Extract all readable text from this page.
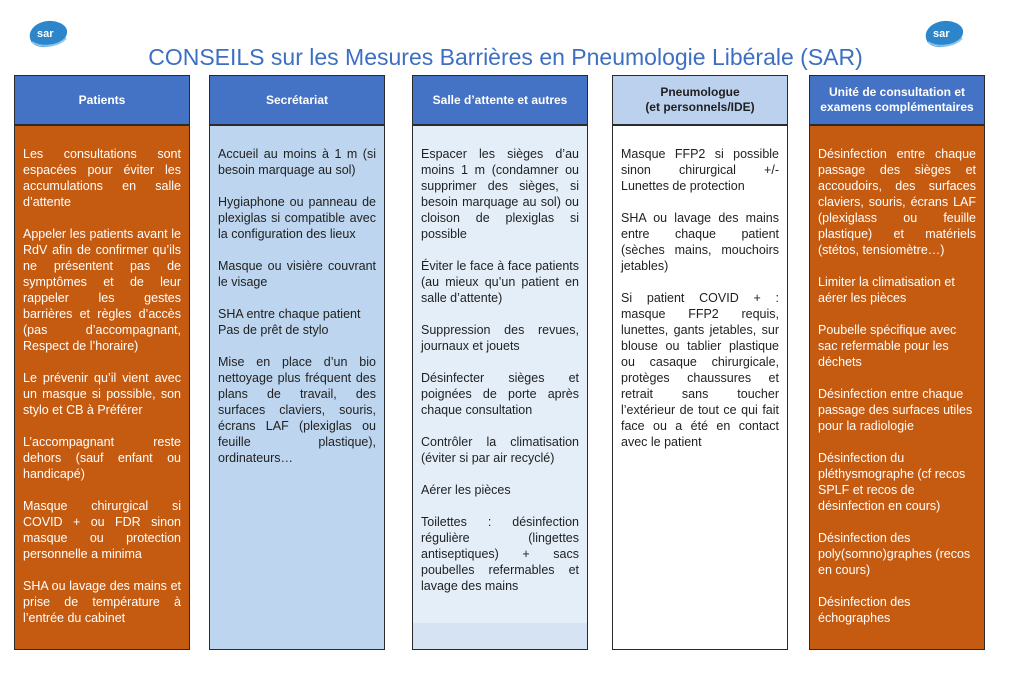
sar	sar
CONSEILS sur les Mesures Barrières en Pneumologie Libérale (SAR)
Patients

Les consultations sont espacées pour éviter les accumulations en salle d’attente

Appeler les patients avant le RdV afin de confirmer qu’ils ne présentent pas de symptômes et de leur rappeler les gestes barrières et règles d’accès (pas d’accompagnant, Respect de l’horaire)

Le prévenir qu’il vient avec un masque si possible, son stylo et CB à Préférer

L’accompagnant reste dehors (sauf enfant ou handicapé)

Masque chirurgical si COVID + ou FDR sinon masque ou protection personnelle a minima

SHA ou lavage des mains et prise de température à l’entrée du cabinet

Secrétariat

Accueil au moins à 1 m (si besoin marquage au sol)

Hygiaphone ou panneau de plexiglas si compatible avec la configuration des lieux

Masque ou visière couvrant le visage

SHA entre chaque patient Pas de prêt de stylo

Mise en place d’un bio nettoyage plus fréquent des plans de travail, des surfaces claviers, souris, écrans LAF (plexiglas ou feuille plastique), ordinateurs…

Salle d’attente et autres

Espacer les sièges d’au moins 1 m (condamner ou supprimer des sièges, si besoin marquage au sol) ou cloison de plexiglas si possible

Éviter le face à face patients (au mieux qu’un patient en salle d’attente)

Suppression des revues, journaux et jouets

Désinfecter sièges et poignées de porte après chaque consultation

Contrôler la climatisation (éviter si par air recyclé)

Aérer les pièces

Toilettes : désinfection régulière (lingettes antiseptiques) + sacs poubelles refermables et lavage des mains

Pneumologue
(et personnels/IDE)

Masque FFP2 si possible sinon chirurgical +/- Lunettes de protection

SHA ou lavage des mains entre chaque patient (sèches mains, mouchoirs jetables)

Si patient COVID + : masque FFP2 requis, lunettes, gants jetables, sur blouse ou tablier plastique ou casaque chirurgicale, protèges chaussures et retrait sans toucher l’extérieur de tout ce qui fait face ou a été en contact avec le patient

Unité de consultation et examens complémentaires

Désinfection entre chaque passage des sièges et accoudoirs, des surfaces claviers, souris, écrans LAF (plexiglass ou feuille plastique) et matériels (stétos, tensiomètre…)

Limiter la climatisation et aérer les pièces

Poubelle spécifique avec sac refermable pour les déchets

Désinfection entre chaque passage des surfaces utiles pour la radiologie

Désinfection du pléthysmographe (cf recos SPLF et recos de désinfection en cours)

Désinfection des poly(somno)graphes (recos en cours)

Désinfection des échographes
